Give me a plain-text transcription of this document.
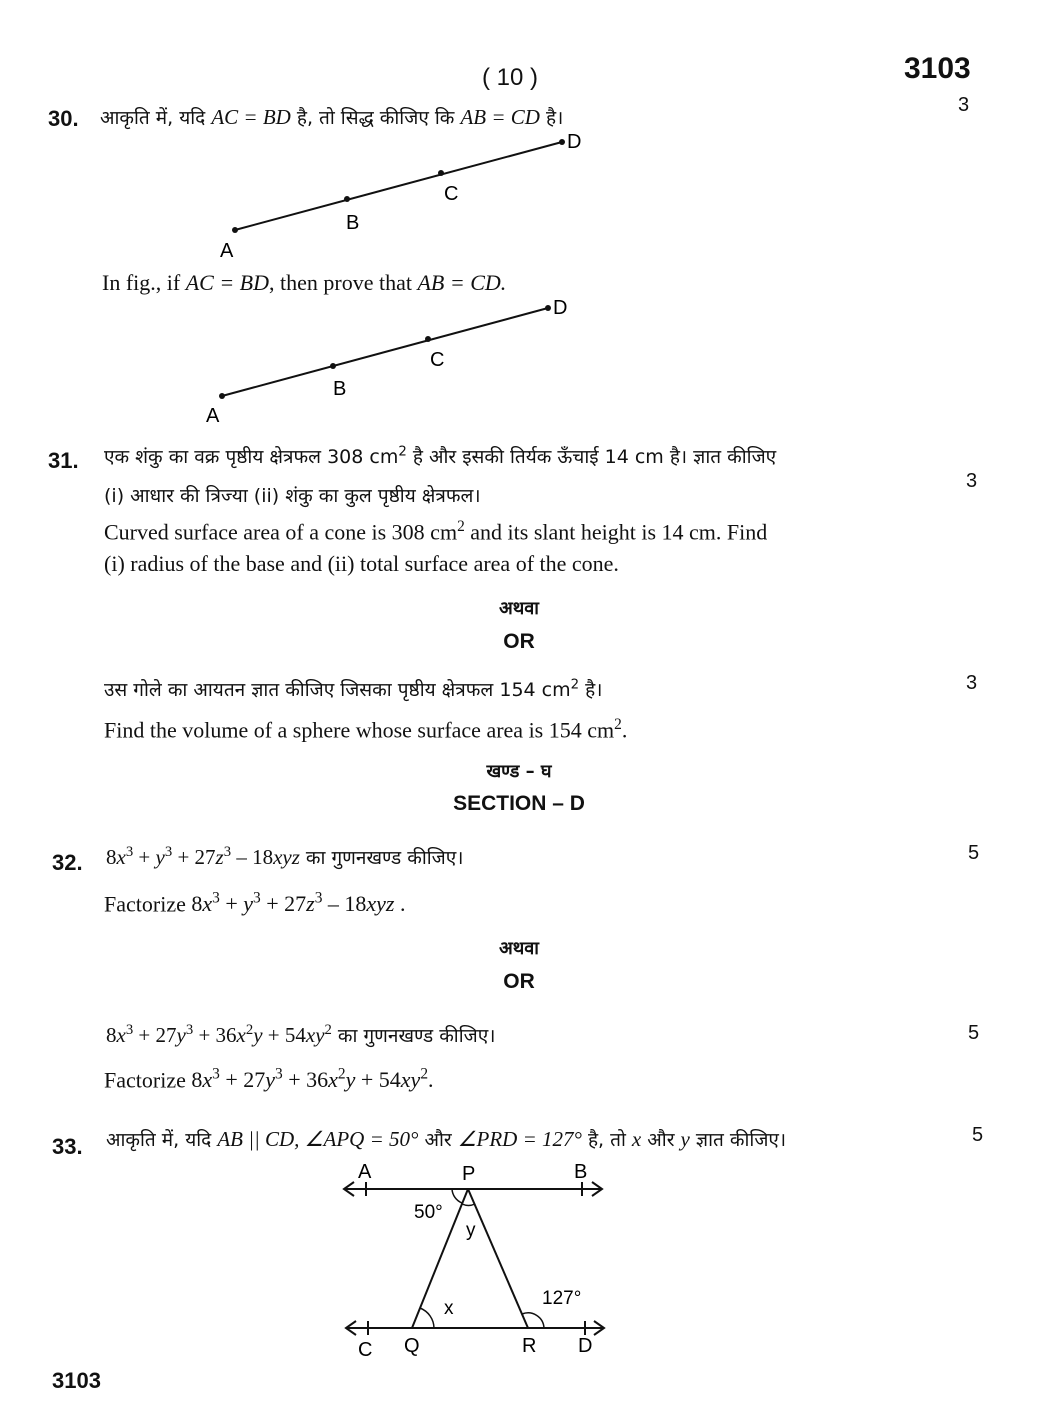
( 10 )	3103
30. आकृति में, यदि AC = BD है, तो सिद्ध कीजिए कि AB = CD है।
3
A
B
C
D
A
B
C
D
In fig., if AC = BD, then prove that AB = CD.
31. एक शंकु का वक्र पृष्ठीय क्षेत्रफल 308 $cm^2$ है और इसकी तिर्यक ऊँचाई 14 cm है। ज्ञात कीजिए
(i) आधार की त्रिज्या (ii) शंकु का कुल पृष्ठीय क्षेत्रफल।
3
Curved surface area of a cone is 308 $cm^2$ and its slant height is 14 cm. Find
(i) radius of the base and (ii) total surface area of the cone.
अथवा
OR
उस गोले का आयतन ज्ञात कीजिए जिसका पृष्ठीय क्षेत्रफल 154 $cm^2$ है।	3
Find the volume of a sphere whose surface area is 154 $cm^2$.
खण्ड – घ
SECTION – D
32. $8x^3 + y^3 + 27z^3 - 18xyz$ का गुणनखण्ड कीजिए।	5
Factorize $8x^3 + y^3 + 27z^3 - 18xyz$ .
अथवा
OR
$8x^3 + 27y^3 + 36x^2y + 54xy^2$ का गुणनखण्ड कीजिए।	5
Factorize $8x^3 + 27y^3 + 36x^2y + 54xy^2$.
33. आकृति में, यदि AB || CD, ∠APQ = 50° और ∠PRD = 127° है, तो x और y ज्ञात कीजिए।	5
A	P	B
50°
y
x	127°
C Q	R D
3103
